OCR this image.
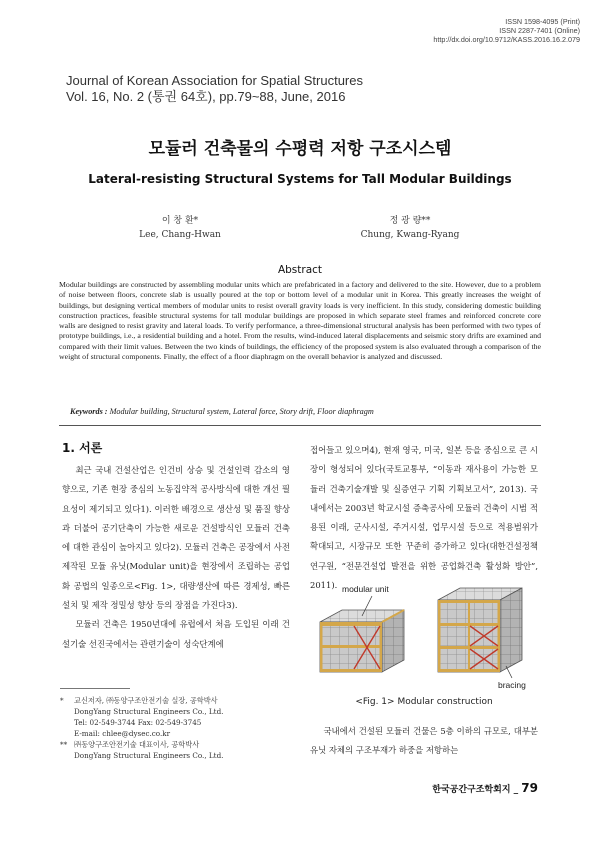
ISSN 1598-4095 (Print)
ISSN 2287-7401 (Online)
http://dx.doi.org/10.9712/KASS.2016.16.2.079
Journal of Korean Association for Spatial Structures
Vol. 16, No. 2 (통권 64호), pp.79~88, June, 2016
모듈러 건축물의 수평력 저항 구조시스템
Lateral-resisting Structural Systems for Tall Modular Buildings
이 창 환*
Lee, Chang-Hwan
정 광 량**
Chung, Kwang-Ryang
Abstract
Modular buildings are constructed by assembling modular units which are prefabricated in a factory and delivered to the site. However, due to a problem of noise between floors, concrete slab is usually poured at the top or bottom level of a modular unit in Korea. This greatly increases the weight of buildings, but designing vertical members of modular units to resist overall gravity loads is very inefficient. In this study, considering domestic building construction practices, feasible structural systems for tall modular buildings are proposed in which separate steel frames and reinforced concrete core walls are designed to resist gravity and lateral loads. To verify performance, a three-dimensional structural analysis has been performed with two types of prototype buildings, i.e., a residential building and a hotel. From the results, wind-induced lateral displacements and seismic story drifts are examined and compared with their limit values. Between the two kinds of buildings, the efficiency of the proposed system is also evaluated through a comparison of the weight of structural components. Finally, the effect of a floor diaphragm on the overall behavior is analyzed and discussed.
Keywords : Modular building, Structural system, Lateral force, Story drift, Floor diaphragm
1. 서론

최근 국내 건설산업은 인건비 상승 및 건설인력 감소의 영향으로, 기존 현장 중심의 노동집약적 공사방식에 대한 개선 필요성이 제기되고 있다1). 이러한 배경으로 생산성 및 품질 향상과 더불어 공기단축이 가능한 새로운 건설방식인 모듈러 건축에 대한 관심이 높아지고 있다2). 모듈러 건축은 공장에서 사전 제작된 모듈 유닛(Modular unit)을 현장에서 조립하는 공업화 공법의 일종으로<Fig. 1>, 대량생산에 따른 경제성, 빠른 설치 및 제작 정밀성 향상 등의 장점을 가진다3).

모듈러 건축은 1950년대에 유럽에서 처음 도입된 이래 건설기술 선진국에서는 관련기술이 성숙단계에

*	교신저자, ㈜동양구조안전기술 실장, 공학박사
DongYang Structural Engineers Co., Ltd.
Tel: 02-549-3744 Fax: 02-549-3745
E-mail: chlee@dysec.co.kr
** ㈜동양구조안전기술 대표이사, 공학박사
DongYang Structural Engineers Co., Ltd.

접어들고 있으며4), 현재 영국, 미국, 일본 등을 중심으로 큰 시장이 형성되어 있다(국토교통부, “이동과 재사용이 가능한 모듈러 건축기술개발 및 실증연구 기획 기획보고서”, 2013). 국내에서는 2003년 학교시설 증축공사에 모듈러 건축이 시범 적용된 이래, 군사시설, 주거시설, 업무시설 등으로 적용범위가 확대되고, 시장규모 또한 꾸준히 증가하고 있다(대한건설정책연구원, “전문건설업 발전을 위한 공업화건축 활성화 방안”, 2011). modular unit
bracing
<Fig. 1> Modular construction

국내에서 건설된 모듈러 건물은 5층 이하의 규모로, 대부분 유닛 자체의 구조부재가 하중을 저항하는

한국공간구조학회지 _ 79
